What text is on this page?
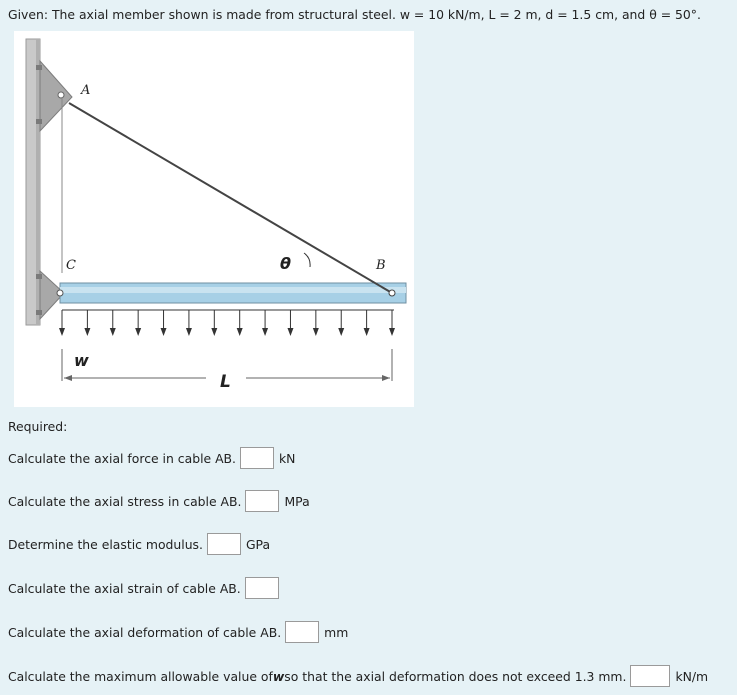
Given: The axial member shown is made from structural steel. w = 10 kN/m, L = 2 m, d = 1.5 cm, and θ = 50°.
A
B
C	θ
w
L
Required:
Calculate the axial force in cable AB.	kN
Calculate the axial stress in cable AB.	MPa
Determine the elastic modulus.	GPa
Calculate the axial strain of cable AB.
Calculate the axial deformation of cable AB.	mm
Calculate the maximum allowable value of w so that the axial deformation does not exceed 1.3 mm.	kN/m
